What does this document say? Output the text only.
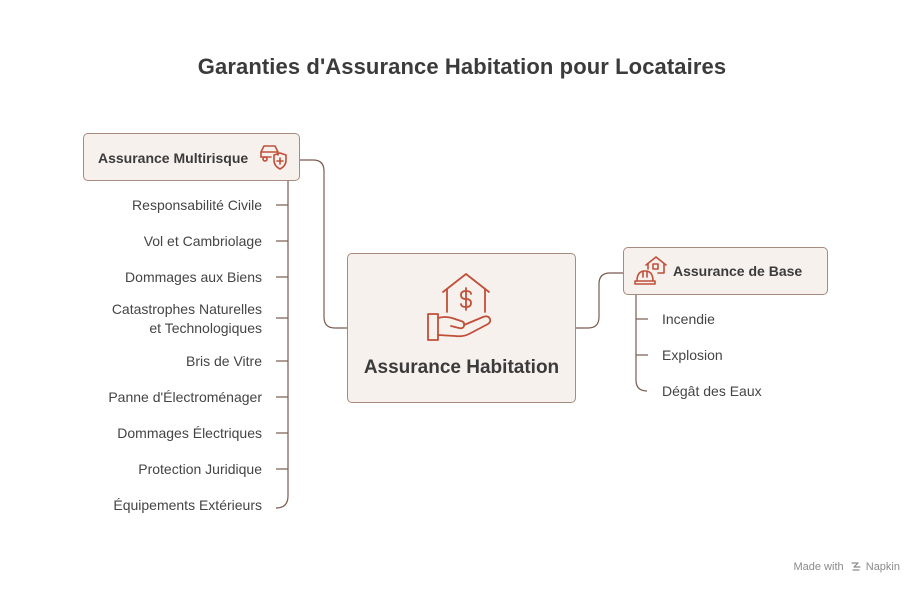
Garanties d'Assurance Habitation pour Locataires
Assurance Multirisque
Assurance de Base
Assurance Habitation
Responsabilité Civile
Vol et Cambriolage
Dommages aux Biens
Catastrophes Naturelles
et Technologiques
Bris de Vitre
Panne d'Électroménager
Dommages Électriques
Protection Juridique
Équipements Extérieurs
Incendie
Explosion
Dégât des Eaux
Made with Napkin
